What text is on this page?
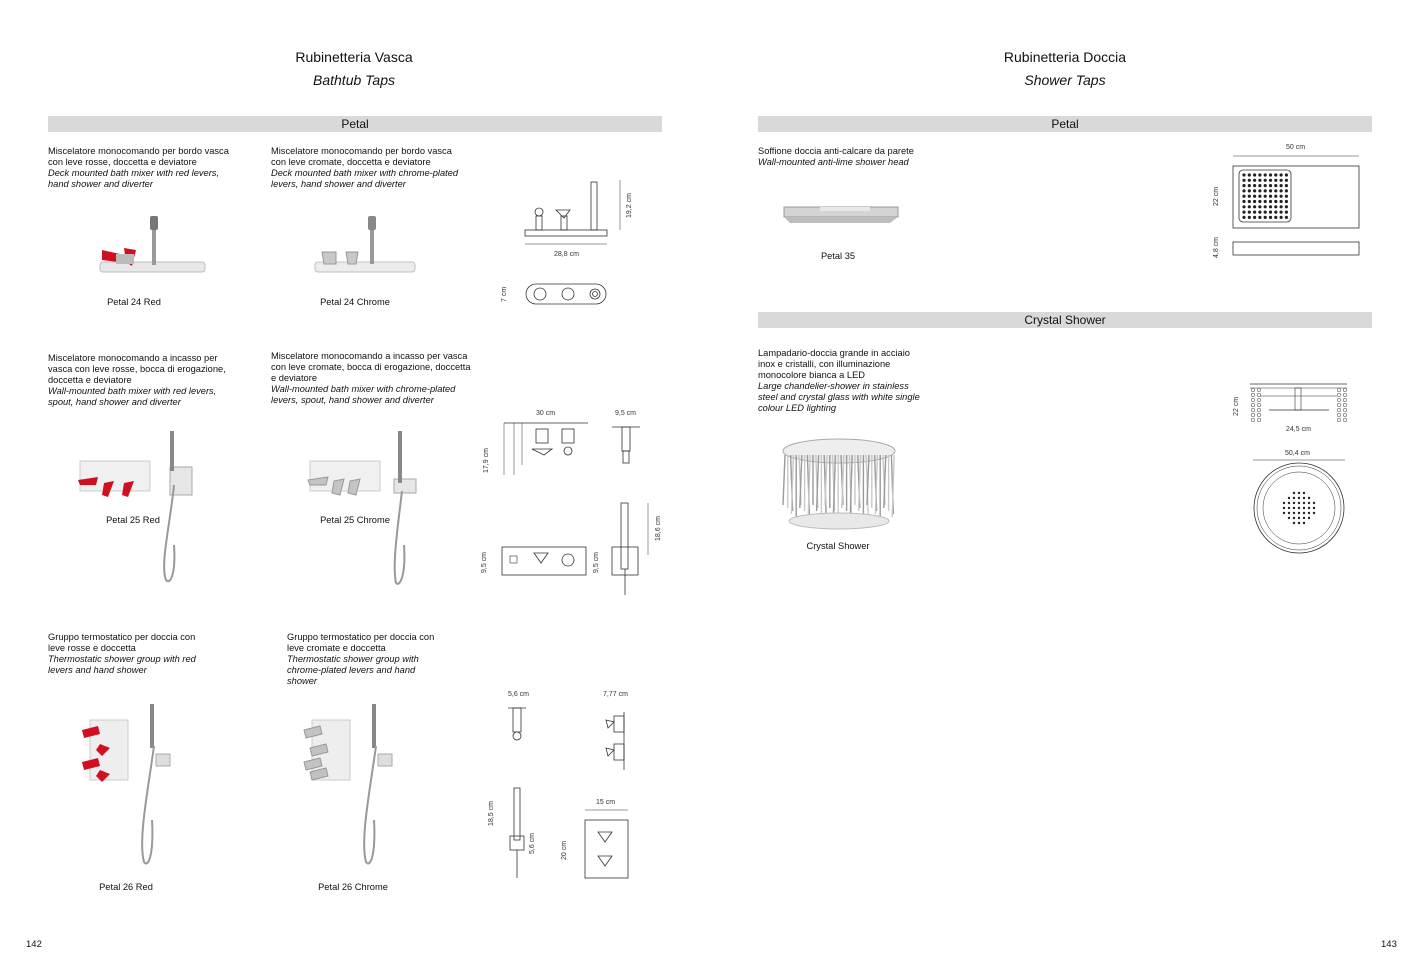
Rubinetteria Vasca
Bathtub Taps
Petal
Miscelatore monocomando per bordo vasca con leve rosse, doccetta e deviatore
Deck mounted bath mixer with red levers, hand shower and diverter
Miscelatore monocomando per bordo vasca con leve cromate, doccetta e deviatore
Deck mounted bath mixer with chrome-plated levers, hand shower and diverter
Petal 24 Red	Petal 24 Chrome
28,8 cm
19,2 cm
7 cm
Miscelatore monocomando a incasso per vasca con leve rosse, bocca di erogazione, doccetta e deviatore
Wall-mounted bath mixer with red levers, spout, hand shower and diverter
Miscelatore monocomando a incasso per vasca con leve cromate, bocca di erogazione, doccetta e deviatore
Wall-mounted bath mixer with chrome-plated levers, spout, hand shower and diverter
Petal 25 Red	Petal 25 Chrome
30 cm
17,9 cm
9,5 cm
9,5 cm	9,5 cm
18,6 cm
Gruppo termostatico per doccia con leve rosse e doccetta
Thermostatic shower group with red levers and hand shower
Gruppo termostatico per doccia con leve cromate e doccetta
Thermostatic shower group with chrome-plated levers and hand shower
Petal 26 Red	Petal 26 Chrome
5,6 cm	7,77 cm
18,5 cm
5,6 cm
15 cm
20 cm
142
Rubinetteria Doccia
Shower Taps
Petal
Soffione doccia anti-calcare da parete
Wall-mounted anti-lime shower head
Petal 35
50 cm
22 cm
4,8 cm
Crystal Shower
Lampadario-doccia grande in acciaio inox e cristalli, con illuminazione monocolore bianca a LED
Large chandelier-shower in stainless steel and crystal glass with white single colour LED lighting
Crystal Shower
22 cm
24,5 cm
50,4 cm
143
